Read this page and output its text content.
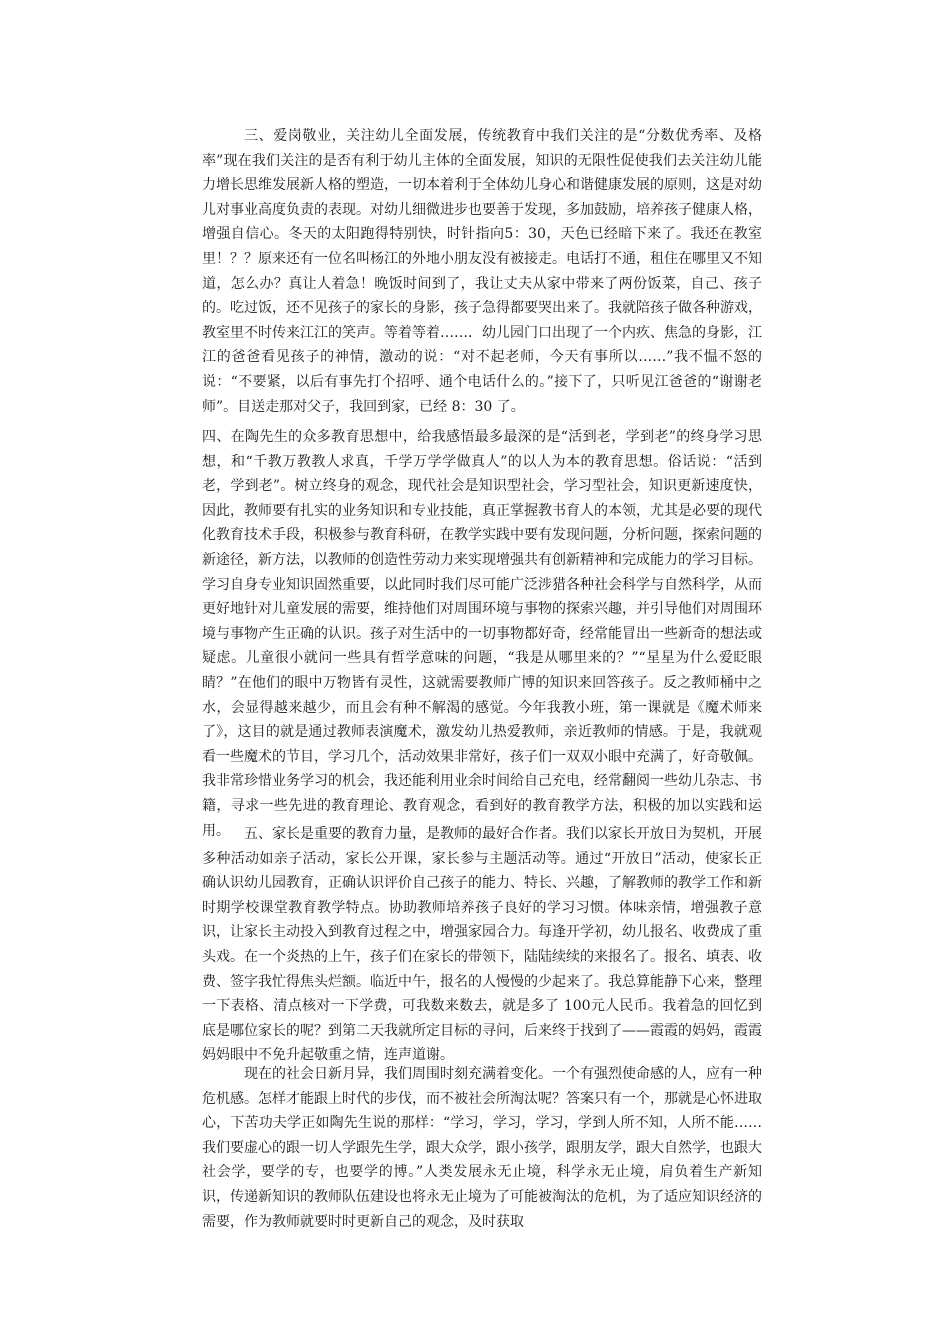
三、爱岗敬业，关注幼儿全面发展，传统教育中我们关注的是“分数优秀率、及格率”现在我们关注的是否有利于幼儿主体的全面发展，知识的无限性促使我们去关注幼儿能力增长思维发展新人格的塑造，一切本着利于全体幼儿身心和谐健康发展的原则，这是对幼儿对事业高度负责的表现。对幼儿细微进步也要善于发现，多加鼓励，培养孩子健康人格，增强自信心。冬天的太阳跑得特别快，时针指向5：30，天色已经暗下来了。我还在教室里！？？原来还有一位名叫杨江的外地小朋友没有被接走。电话打不通，租住在哪里又不知道，怎么办？真让人着急！晚饭时间到了，我让丈夫从家中带来了两份饭菜，自己、孩子的。吃过饭，还不见孩子的家长的身影，孩子急得都要哭出来了。我就陪孩子做各种游戏，教室里不时传来江江的笑声。等着等着……．幼儿园门口出现了一个内疚、焦急的身影，江江的爸爸看见孩子的神情，激动的说：“对不起老师，今天有事所以……”我不愠不怒的说：“不要紧，以后有事先打个招呼、通个电话什么的。”接下了，只听见江爸爸的“谢谢老师”。目送走那对父子，我回到家，已经 8：30 了。

四、在陶先生的众多教育思想中，给我感悟最多最深的是“活到老，学到老”的终身学习思想，和“千教万教教人求真，千学万学学做真人”的以人为本的教育思想。俗话说：“活到老，学到老”。树立终身的观念，现代社会是知识型社会，学习型社会，知识更新速度快，因此，教师要有扎实的业务知识和专业技能，真正掌握教书育人的本领，尤其是必要的现代化教育技术手段，积极参与教育科研，在教学实践中要有发现问题，分析问题，探索问题的新途径，新方法，以教师的创造性劳动力来实现增强共有创新精神和完成能力的学习目标。学习自身专业知识固然重要，以此同时我们尽可能广泛涉猎各种社会科学与自然科学，从而更好地针对儿童发展的需要，维持他们对周围环境与事物的探索兴趣，并引导他们对周围环境与事物产生正确的认识。孩子对生活中的一切事物都好奇，经常能冒出一些新奇的想法或疑虑。儿童很小就问一些具有哲学意味的问题，“我是从哪里来的？”“星星为什么爱眨眼睛？”在他们的眼中万物皆有灵性，这就需要教师广博的知识来回答孩子。反之教师桶中之水，会显得越来越少，而且会有种不解渴的感觉。今年我教小班，第一课就是《魔术师来了》，这目的就是通过教师表演魔术，激发幼儿热爱教师，亲近教师的情感。于是，我就观看一些魔术的节目，学习几个，活动效果非常好，孩子们一双双小眼中充满了，好奇敬佩。我非常珍惜业务学习的机会，我还能利用业余时间给自己充电，经常翻阅一些幼儿杂志、书籍，寻求一些先进的教育理论、教育观念，看到好的教育教学方法，积极的加以实践和运用。	五、家长是重要的教育力量，是教师的最好合作者。我们以家长开放日为契机，开展多种活动如亲子活动，家长公开课，家长参与主题活动等。通过“开放日”活动，使家长正确认识幼儿园教育，正确认识评价自己孩子的能力、特长、兴趣，了解教师的教学工作和新时期学校课堂教育教学特点。协助教师培养孩子良好的学习习惯。体味亲情，增强教子意识，让家长主动投入到教育过程之中，增强家园合力。每逢开学初，幼儿报名、收费成了重头戏。在一个炎热的上午，孩子们在家长的带领下，陆陆续续的来报名了。报名、填表、收费、签字我忙得焦头烂额。临近中午，报名的人慢慢的少起来了。我总算能静下心来，整理一下表格、清点核对一下学费，可我数来数去，就是多了 100元人民币。我着急的回忆到底是哪位家长的呢？到第二天我就所定目标的寻问，后来终于找到了——霞霞的妈妈，霞霞妈妈眼中不免升起敬重之情，连声道谢。

现在的社会日新月异，我们周围时刻充满着变化。一个有强烈使命感的人，应有一种危机感。怎样才能跟上时代的步伐，而不被社会所淘汰呢？答案只有一个，那就是心怀进取心，下苦功夫学正如陶先生说的那样：“学习，学习，学习，学到人所不知，人所不能……我们要虚心的跟一切人学跟先生学，跟大众学，跟小孩学，跟朋友学，跟大自然学，也跟大社会学，要学的专，也要学的博。”人类发展永无止境，科学永无止境，肩负着生产新知识，传递新知识的教师队伍建设也将永无止境为了可能被淘汰的危机，为了适应知识经济的需要，作为教师就要时时更新自己的观念，及时获取
